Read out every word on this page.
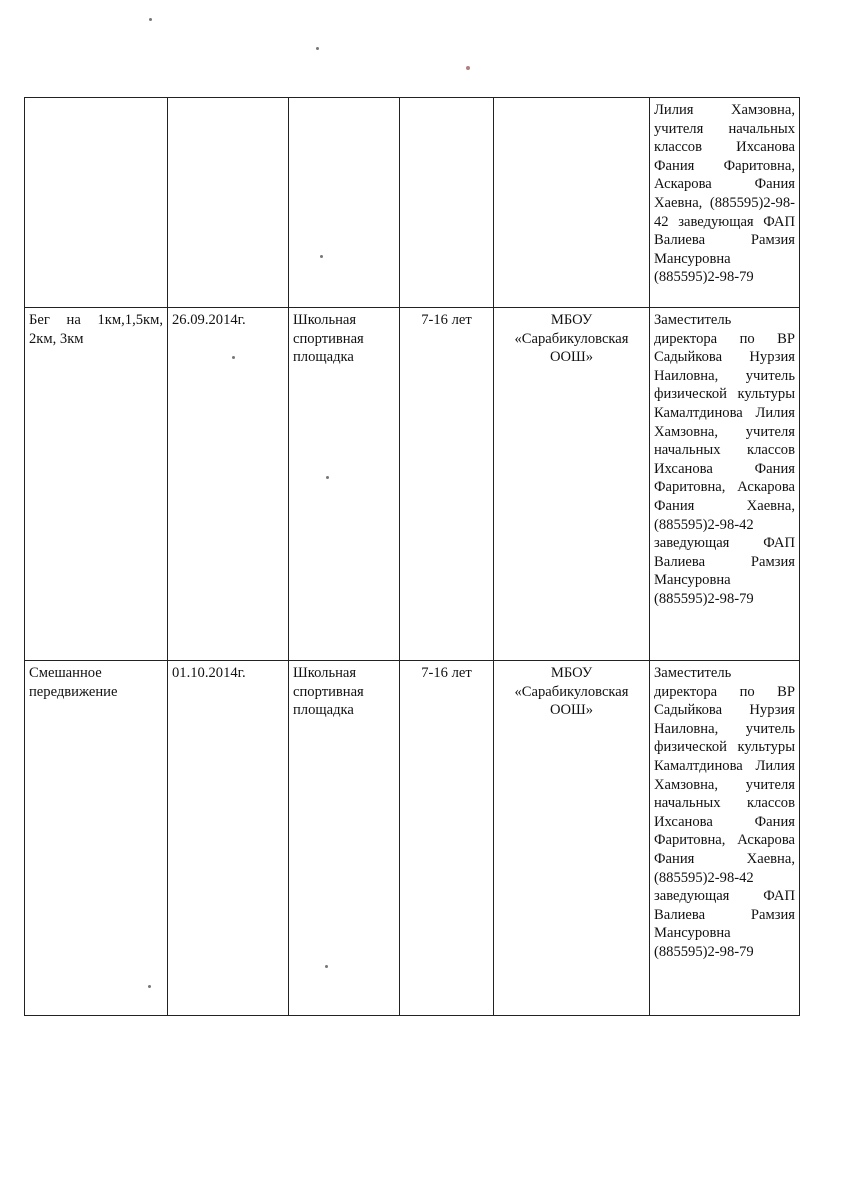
					Лилия Хамзовна, учителя начальных классов Ихсанова Фания Фаритовна, Аскарова Фания Хаевна, (885595)2-98-42 заведующая ФАП Валиева Рамзия Мансуровна (885595)2-98-79
Бег на 1км,1,5км, 2км, 3км	26.09.2014г.	Школьная спортивная площадка	7-16 лет	МБОУ «Сарабикуловская ООШ»	Заместитель директора по ВР Садыйкова Нурзия Наиловна, учитель физической культуры Камалтдинова Лилия Хамзовна, учителя начальных классов Ихсанова Фания Фаритовна, Аскарова Фания Хаевна, (885595)2-98-42 заведующая ФАП Валиева Рамзия Мансуровна (885595)2-98-79
Смешанное передвижение	01.10.2014г.	Школьная спортивная площадка	7-16 лет	МБОУ «Сарабикуловская ООШ»	Заместитель директора по ВР Садыйкова Нурзия Наиловна, учитель физической культуры Камалтдинова Лилия Хамзовна, учителя начальных классов Ихсанова Фания Фаритовна, Аскарова Фания Хаевна, (885595)2-98-42 заведующая ФАП Валиева Рамзия Мансуровна (885595)2-98-79
